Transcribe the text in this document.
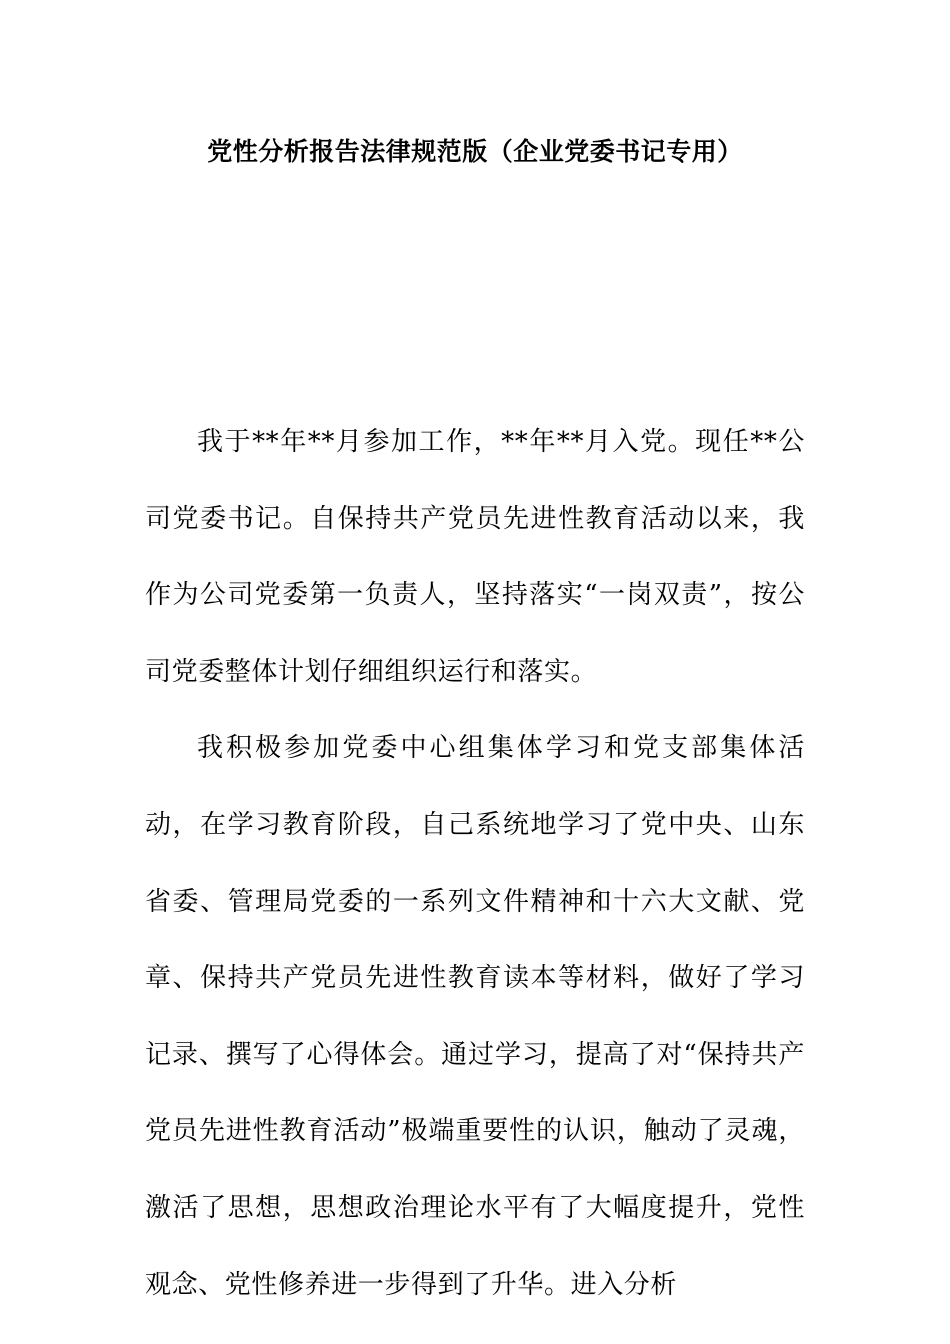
党性分析报告法律规范版（企业党委书记专用）

我于**年**月参加工作，**年**月入党。现任**公司党委书记。自保持共产党员先进性教育活动以来，我作为公司党委第一负责人，坚持落实“一岗双责”，按公司党委整体计划仔细组织运行和落实。

我积极参加党委中心组集体学习和党支部集体活动，在学习教育阶段，自己系统地学习了党中央、山东省委、管理局党委的一系列文件精神和十六大文献、党章、保持共产党员先进性教育读本等材料，做好了学习记录、撰写了心得体会。通过学习，提高了对“保持共产党员先进性教育活动”极端重要性的认识，触动了灵魂，激活了思想，思想政治理论水平有了大幅度提升，党性观念、党性修养进一步得到了升华。进入分析
